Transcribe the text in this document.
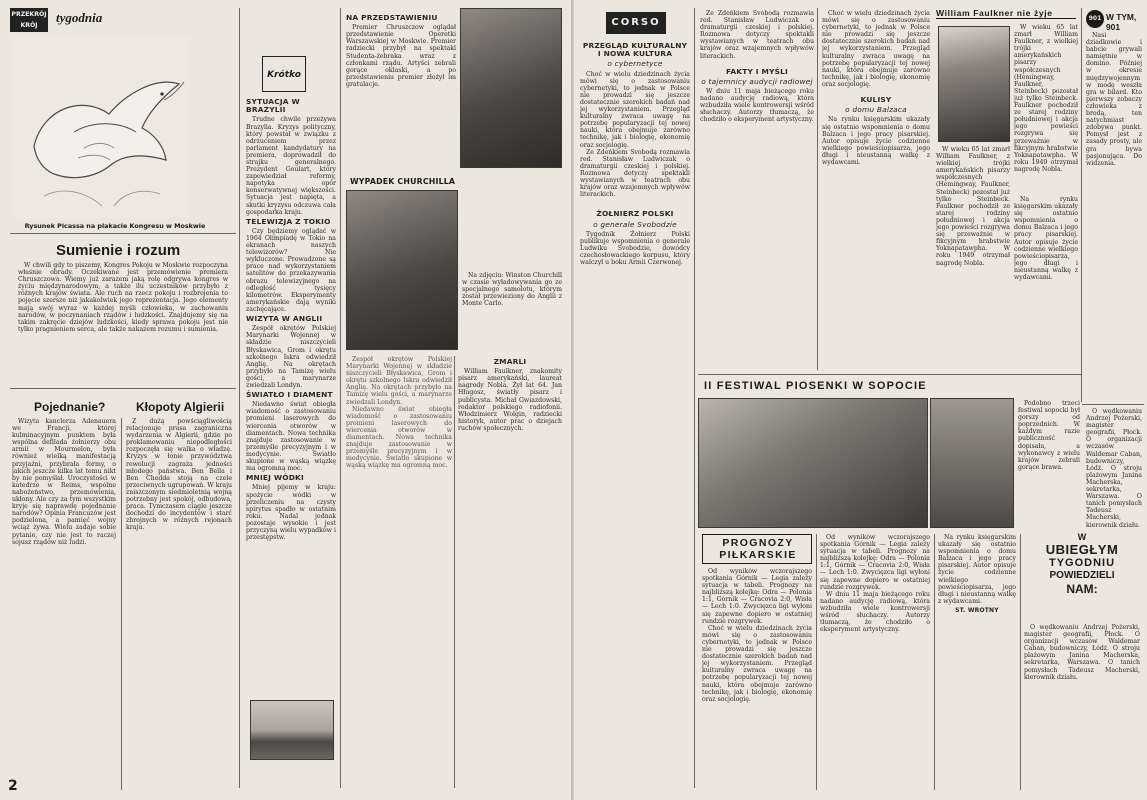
PRZEKRÓJ
KRÓJ
tygodnia
Rysunek Picassa na plakacie Kongresu w Moskwie
Sumienie i rozum

W chwili gdy to piszemy, Kongres Pokoju w Moskwie rozpoczyna właśnie obrady. Oczekiwane jest przemówienie premiera Chruszczowa. Wiemy już zarazem jaką rolę odgrywa kongres w życiu międzynarodowym, a także ilu uczestników przybyło z różnych krajów świata. Ale ruch na rzecz pokoju i rozbrojenia to pojęcie szersze niż jakakolwiek jego reprezentacja. Jego elementy mają swój wyraz w każdej myśli człowieka, w zachowaniu narodów, w poczynaniach rządów i ludzkości. Znajdujemy się na takim zakręcie dziejów ludzkości, kiedy sprawa pokoju jest nie tylko pragnieniem serca, ale także nakazem rozumu i sumienia.

Pojednanie?	Kłopoty Algierii

Wizyta kanclerza Adenauera we Francji, której kulminacyjnym punktem była wspólna defilada żołnierzy obu armii w Mourmelon, była również wielką manifestacją przyjaźni, przybrała formy, o jakich jeszcze kilka lat temu nikt by nie pomyślał. Uroczystości w katedrze w Reims, wspólne nabożeństwo, przemówienia, ukłony. Ale czy za tym wszystkim kryje się naprawdę pojednanie narodów? Opinia Francuzów jest podzielona, a pamięć wojny wciąż żywa. Wielu zadaje sobie pytanie, czy nie jest to raczej sojusz rządów niż ludzi.

Z dużą powściągliwością relacjonuje prasa zagraniczna wydarzenia w Algierii, gdzie po proklamowaniu niepodległości rozpoczęła się walka o władzę. Kryzys w łonie przywództwa rewolucji zagraża jedności młodego państwa. Ben Bella i Ben Chedda stoją na czele przeciwnych ugrupowań. W kraju zniszczonym siedmioletnią wojną potrzebny jest spokój, odbudowa, praca. Tymczasem ciągle jeszcze dochodzi do incydentów i starć zbrojnych w różnych rejonach kraju.

2
Krótko
SYTUACJA W BRAZYLII

Trudne chwile przeżywa Brazylia. Kryzys polityczny, który powstał w związku z odrzuceniem przez parlament kandydatury na premiera, doprowadził do strajku generalnego. Prezydent Goulart, który zapowiedział reformy, napotyka opór konserwatywnej większości. Sytuacja jest napięta, a skutki kryzysu odczuwa cała gospodarka kraju.

TELEWIZJA Z TOKIO

Czy będziemy oglądać w 1964 Olimpiadę w Tokio na ekranach naszych telewizorów? Nie wykluczone. Prowadzone są prace nad wykorzystaniem satelitów do przekazywania obrazu telewizyjnego na odległość tysięcy kilometrów. Eksperymenty amerykańskie dają wyniki zachęcające.

WIZYTA W ANGLII

Zespół okrętów Polskiej Marynarki Wojennej w składzie niszczycieli Błyskawica, Grom i okrętu szkolnego Iskra odwiedził Anglię. Na okrętach przybyło na Tamizę wielu gości, a marynarze zwiedzali Londyn.

ŚWIATŁO I DIAMENT

Niedawno świat obiegła wiadomość o zastosowaniu promieni laserowych do wiercenia otworów w diamentach. Nowa technika znajduje zastosowanie w przemyśle precyzyjnym i w medycynie. Światło skupione w wąską wiązkę ma ogromną moc.

MNIEJ WÓDKI

Mniej pijemy w kraju: spożycie wódki w przeliczeniu na czysty spirytus spadło w ostatnim roku. Nadal jednak pozostaje wysokie i jest przyczyną wielu wypadków i przestępstw.

NA PRZEDSTAWIENIU

Premier Chruszczow oglądał przedstawienie Operetki Warszawskiej w Moskwie. Premier radziecki przybył na spektakl Studenta-żebraka wraz z członkami rządu. Artyści zebrali gorące oklaski, a po przedstawieniu premier złożył im gratulacje.

WYPADEK CHURCHILLA

Na zdjęciu: Winston Churchill w czasie wyładowywania go ze specjalnego samolotu, którym został przewieziony do Anglii z Monte Carlo.

ZMARLI

William Faulkner, znakomity pisarz amerykański, laureat nagrody Nobla. Żył lat 64. Jan Hługosz, światły pisarz i publicysta. Michał Gwiazdowski, redaktor polskiego radiofonii. Włodzimierz Wolgin, radziecki historyk, autor prac o dziejach ruchów społecznych.

Zespół okrętów Polskiej Marynarki Wojennej w składzie niszczycieli Błyskawica, Grom i okrętu szkolnego Iskra odwiedził Anglię. Na okrętach przybyło na Tamizę wielu gości, a marynarze zwiedzali Londyn.

Niedawno świat obiegła wiadomość o zastosowaniu promieni laserowych do wiercenia otworów w diamentach. Nowa technika znajduje zastosowanie w przemyśle precyzyjnym i w medycynie. Światło skupione w wąską wiązkę ma ogromną moc.

CORSO
PRZEGLĄD KULTURALNY I NOWA KULTURA
o cybernetyce

Choć w wielu dziedzinach życia mówi się o zastosowaniu cybernetyki, to jednak w Polsce nie prowadzi się jeszcze dostatecznie szerokich badań nad jej wykorzystaniem. Przegląd kulturalny zwraca uwagę na potrzebę popularyzacji tej nowej nauki, która obejmuje zarówno technikę, jak i biologię, ekonomię oraz socjologię.

Ze Zdeńkiem Svobodą rozmawia red. Stanisław Ludwiczak o dramaturgii czeskiej i polskiej. Rozmowa dotyczy spektakli wystawianych w teatrach obu krajów oraz wzajemnych wpływów literackich.

ŻOŁNIERZ POLSKI
o generale Svobodzie

Tygodnik Żołnierz Polski publikuje wspomnienia o generale Ludwiku Svobodzie, dowódcy czechosłowackiego korpusu, który walczył u boku Armii Czerwonej.

Ze Zdeńkiem Svobodą rozmawia red. Stanisław Ludwiczak o dramaturgii czeskiej i polskiej. Rozmowa dotyczy spektakli wystawianych w teatrach obu krajów oraz wzajemnych wpływów literackich.

FAKTY I MYŚLI
o tajemnicy audycji radiowej

W dniu 11 maja bieżącego roku nadano audycję radiową, która wzbudziła wiele kontrowersji wśród słuchaczy. Autorzy tłumaczą, że chodziło o eksperyment artystyczny.

Choć w wielu dziedzinach życia mówi się o zastosowaniu cybernetyki, to jednak w Polsce nie prowadzi się jeszcze dostatecznie szerokich badań nad jej wykorzystaniem. Przegląd kulturalny zwraca uwagę na potrzebę popularyzacji tej nowej nauki, która obejmuje zarówno technikę, jak i biologię, ekonomię oraz socjologię.

KULISY
o domu Balzaca

Na rynku księgarskim ukazały się ostatnio wspomnienia o domu Balzaca i jego pracy pisarskiej. Autor opisuje życie codzienne wielkiego powieściopisarza, jego długi i nieustanną walkę z wydawcami.

William Faulkner nie żyje

W wieku 65 lat zmarł William Faulkner, z wielkiej trójki amerykańskich pisarzy współczesnych (Hemingway, Faulkner, Steinbeck) pozostał już tylko Steinbeck. Faulkner pochodził ze starej rodziny południowej i akcja jego powieści rozgrywa się przeważnie w fikcyjnym hrabstwie Yoknapatawpha. W roku 1949 otrzymał nagrodę Nobla.

W wieku 65 lat zmarł William Faulkner, z wielkiej trójki amerykańskich pisarzy współczesnych (Hemingway, Faulkner, Steinbeck) pozostał już tylko Steinbeck. Faulkner pochodził ze starej rodziny południowej i akcja jego powieści rozgrywa się przeważnie w fikcyjnym hrabstwie Yoknapatawpha. W roku 1949 otrzymał nagrodę Nobla.

Na rynku księgarskim ukazały się ostatnio wspomnienia o domu Balzaca i jego pracy pisarskiej. Autor opisuje życie codzienne wielkiego powieściopisarza, jego długi i nieustanną walkę z wydawcami.

901 W TYM, 901

Nasi dziadkowie i babcie grywali namiętnie w domino. Później w okresie międzywojennym w modę weszła gra w bilard. Kto pierwszy zobaczy człowieka z brodą, ten natychmiast zdobywa punkt. Pomysł jest z zasady prosty, ale gra bywa pasjonująca. Do widzenia.

II FESTIWAL PIOSENKI W SOPOCIE

Podobno trzeci festiwal sopocki był gorszy od poprzednich. W każdym razie publiczność dopisała, a wykonawcy z wielu krajów zebrali gorące brawa.

PROGNOZY PIŁKARSKIE

Od wyników wczorajszego spotkania Górnik — Legia zależy sytuacja w tabeli. Prognozy na najbliższą kolejkę: Odra — Polonia 1:1, Górnik — Cracovia 2:0, Wisła — Lech 1:0. Zwycięzca ligi wyłoni się zapewne dopiero w ostatniej rundzie rozgrywek.

Choć w wielu dziedzinach życia mówi się o zastosowaniu cybernetyki, to jednak w Polsce nie prowadzi się jeszcze dostatecznie szerokich badań nad jej wykorzystaniem. Przegląd kulturalny zwraca uwagę na potrzebę popularyzacji tej nowej nauki, która obejmuje zarówno technikę, jak i biologię, ekonomię oraz socjologię.

Od wyników wczorajszego spotkania Górnik — Legia zależy sytuacja w tabeli. Prognozy na najbliższą kolejkę: Odra — Polonia 1:1, Górnik — Cracovia 2:0, Wisła — Lech 1:0. Zwycięzca ligi wyłoni się zapewne dopiero w ostatniej rundzie rozgrywek.

W dniu 11 maja bieżącego roku nadano audycję radiową, która wzbudziła wiele kontrowersji wśród słuchaczy. Autorzy tłumaczą, że chodziło o eksperyment artystyczny.

Na rynku księgarskim ukazały się ostatnio wspomnienia o domu Balzaca i jego pracy pisarskiej. Autor opisuje życie codzienne wielkiego powieściopisarza, jego długi i nieustanną walkę z wydawcami.

ST. WROTNY
W
UBIEGŁYM
TYGODNIU
POWIEDZIELI
NAM:

O wędkowaniu Andrzej Pożerski, magister geografii, Płock. O organizacji wczasów Waldemar Caban, budowniczy, Łódź. O stroju plażowym Janina Macherska, sekretarka, Warszawa. O tanich pomysłach Tadeusz Macherski, kierownik działu.

O wędkowaniu Andrzej Pożerski, magister geografii, Płock. O organizacji wczasów Waldemar Caban, budowniczy, Łódź. O stroju plażowym Janina Macherska, sekretarka, Warszawa. O tanich pomysłach Tadeusz Macherski, kierownik działu.
